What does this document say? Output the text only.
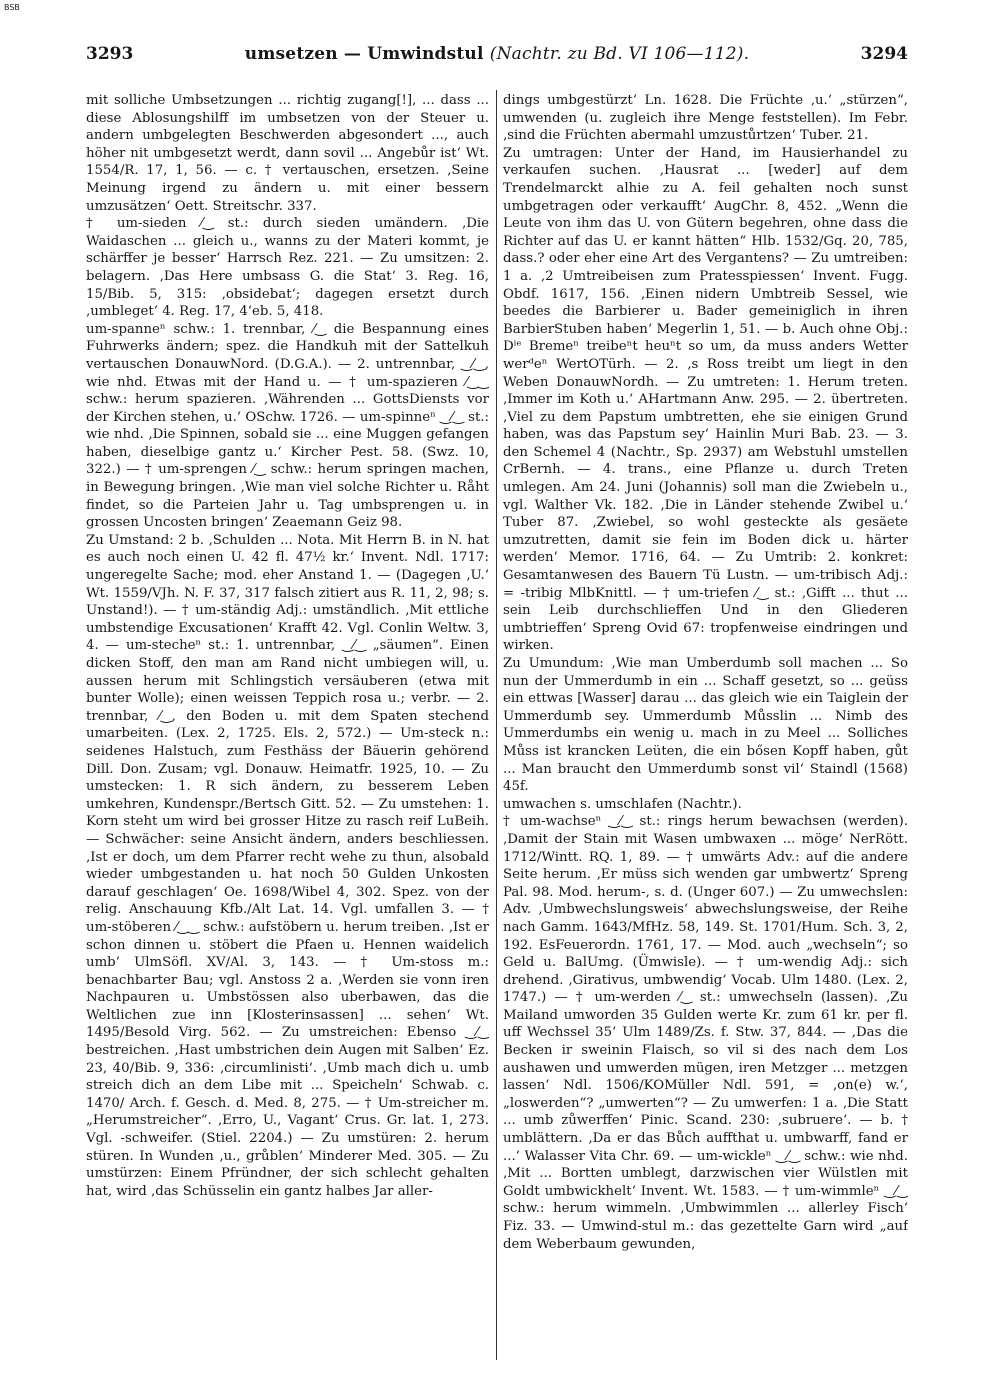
BSB
3293	umsetzen — Umwindstul (Nachtr. zu Bd. VI 106—112).	3294

mit solliche Umbsetzungen ... richtig zugang[!], ... dass ... diese Ablosungshilff im umbsetzen von der Steuer u. andern umbgelegten Beschwerden abgesondert ..., auch höher nit umbgesetzt werdt, dann sovil ... Angebůr ist‘ Wt. 1554/R. 17, 1, 56. — c. † vertauschen, ersetzen. ‚Seine Meinung irgend zu ändern u. mit einer bessern umzusätzen‘ Oett. Streitschr. 337.

† um-sieden ⁄‿ st.: durch sieden umändern. ‚Die Waidaschen ... gleich u., wanns zu der Materi kommt, je schärffer je besser‘ Harrsch Rez. 221. — Zu umsitzen: 2. belagern. ‚Das Here umbsass G. die Stat‘ 3. Reg. 16, 15/Bib. 5, 315: ‚obsidebat‘; dagegen ersetzt durch ‚umbleget‘ 4. Reg. 17, 4‘eb. 5, 418.

um-spanneⁿ schw.: 1. trennbar, ⁄‿ die Bespannung eines Fuhrwerks ändern; spez. die Handkuh mit der Sattelkuh vertauschen DonauwNord. (D.G.A.). — 2. untrennbar, ‿⁄‿, wie nhd. Etwas mit der Hand u. — † um-spazieren ⁄‿‿ schw.: herum spazieren. ‚Währenden ... GottsDiensts vor der Kirchen stehen, u.‘ OSchw. 1726. — um-spinneⁿ ‿⁄‿ st.: wie nhd. ‚Die Spinnen, sobald sie ... eine Muggen gefangen haben, dieselbige gantz u.‘ Kircher Pest. 58. (Swz. 10, 322.) — † um-sprengen ⁄‿ schw.: herum springen machen, in Bewegung bringen. ‚Wie man viel solche Richter u. Råht findet, so die Parteien Jahr u. Tag umbsprengen u. in grossen Uncosten bringen‘ Zeaemann Geiz 98.

Zu Umstand: 2 b. ‚Schulden ... Nota. Mit Herrn B. in N. hat es auch noch einen U. 42 fl. 47½ kr.‘ Invent. Ndl. 1717: ungeregelte Sache; mod. eher Anstand 1. — (Dagegen ‚U.‘ Wt. 1559/VJh. N. F. 37, 317 falsch zitiert aus R. 11, 2, 98; s. Unstand!). — † um-ständig Adj.: umständlich. ‚Mit ettliche umbstendige Excusationen‘ Krafft 42. Vgl. Conlin Weltw. 3, 4. — um-stecheⁿ st.: 1. untrennbar, ‿⁄‿ „säumen“. Einen dicken Stoff, den man am Rand nicht umbiegen will, u. aussen herum mit Schlingstich versäuberen (etwa mit bunter Wolle); einen weissen Teppich rosa u.; verbr. — 2. trennbar, ⁄‿, den Boden u. mit dem Spaten stechend umarbeiten. (Lex. 2, 1725. Els. 2, 572.) — Um-steck n.: seidenes Halstuch, zum Festhäss der Bäuerin gehörend Dill. Don. Zusam; vgl. Donauw. Heimatfr. 1925, 10. — Zu umstecken: 1. R sich ändern, zu besserem Leben umkehren, Kundenspr./Bertsch Gitt. 52. — Zu umstehen: 1. Korn steht um wird bei grosser Hitze zu rasch reif LuBeih. — Schwächer: seine Ansicht ändern, anders beschliessen. ‚Ist er doch, um dem Pfarrer recht wehe zu thun, alsobald wieder umbgestanden u. hat noch 50 Gulden Unkosten darauf geschlagen‘ Oe. 1698/Wibel 4, 302. Spez. von der relig. Anschauung Kfb./Alt Lat. 14. Vgl. umfallen 3. — † um-stöberen ⁄‿‿ schw.: aufstöbern u. herum treiben. ‚Ist er schon dinnen u. stöbert die Pfaen u. Hennen waidelich umb‘ UlmSöfl. XV/Al. 3, 143. — † Um-stoss m.: benachbarter Bau; vgl. Anstoss 2 a. ‚Werden sie vonn iren Nachpauren u. Umbstössen also uberbawen, das die Weltlichen zue inn [Klosterinsassen] ... sehen‘ Wt. 1495/Besold Virg. 562. — Zu umstreichen: Ebenso ‿⁄‿ bestreichen. ‚Hast umbstrichen dein Augen mit Salben‘ Ez. 23, 40/Bib. 9, 336: ‚circumlinisti‘. ‚Umb mach dich u. umb streich dich an dem Libe mit ... Speicheln‘ Schwab. c. 1470/ Arch. f. Gesch. d. Med. 8, 275. — † Um-streicher m. „Herumstreicher“. ‚Erro, U., Vagant‘ Crus. Gr. lat. 1, 273. Vgl. -schweifer. (Stiel. 2204.) — Zu umstüren: 2. herum stüren. In Wunden ‚u., grůblen‘ Minderer Med. 305. — Zu umstürzen: Einem Pfründner, der sich schlecht gehalten hat, wird ‚das Schüsselin ein gantz halbes Jar aller-

dings umbgestürzt‘ Ln. 1628. Die Früchte ‚u.‘ „stürzen“, umwenden (u. zugleich ihre Menge feststellen). Im Febr. ‚sind die Früchten abermahl umzustůrtzen‘ Tuber. 21.

Zu umtragen: Unter der Hand, im Hausierhandel zu verkaufen suchen. ‚Hausrat ... [weder] auf dem Trendelmarckt alhie zu A. feil gehalten noch sunst umbgetragen oder verkaufft‘ AugChr. 8, 452. „Wenn die Leute von ihm das U. von Gütern begehren, ohne dass die Richter auf das U. er kannt hätten“ Hlb. 1532/Gq. 20, 785, dass.? oder eher eine Art des Vergantens? — Zu umtreiben: 1 a. ‚2 Umtreibeisen zum Pratesspiessen‘ Invent. Fugg. Obdf. 1617, 156. ‚Einen nidern Umbtreib Sessel, wie beedes die Barbierer u. Bader gemeiniglich in ihren BarbierStuben haben‘ Megerlin 1, 51. — b. Auch ohne Obj.: Dⁱᵉ Bremeⁿ treibeⁿt heuⁿt so um, da muss anders Wetter werᵈeⁿ WertOTürh. — 2. ‚s Ross treibt um liegt in den Weben DonauwNordh. — Zu umtreten: 1. Herum treten. ‚Immer im Koth u.‘ AHartmann Anw. 295. — 2. übertreten. ‚Viel zu dem Papstum umbtretten, ehe sie einigen Grund haben, was das Papstum sey‘ Hainlin Muri Bab. 23. — 3. den Schemel 4 (Nachtr., Sp. 2937) am Webstuhl umstellen CrBernh. — 4. trans., eine Pflanze u. durch Treten umlegen. Am 24. Juni (Johannis) soll man die Zwiebeln u., vgl. Walther Vk. 182. ‚Die in Länder stehende Zwibel u.‘ Tuber 87. ‚Zwiebel, so wohl gesteckte als gesäete umzutretten, damit sie fein im Boden dick u. härter werden‘ Memor. 1716, 64. — Zu Umtrib: 2. konkret: Gesamtanwesen des Bauern Tü Lustn. — um-tribisch Adj.: = -tribig MlbKnittl. — † um-triefen ⁄‿ st.: ‚Gifft ... thut ... sein Leib durchschlieffen Und in den Gliederen umbtrieffen‘ Spreng Ovid 67: tropfenweise eindringen und wirken.

Zu Umundum: ‚Wie man Umberdumb soll machen ... So nun der Ummerdumb in ein ... Schaff gesetzt, so ... geüss ein ettwas [Wasser] darau ... das gleich wie ein Taiglein der Ummerdumb sey. Ummerdumb Můsslin ... Nimb des Ummerdumbs ein wenig u. mach in zu Meel ... Solliches Můss ist krancken Leüten, die ein bősen Kopff haben, gůt ... Man braucht den Ummerdumb sonst vil‘ Staindl (1568) 45f.

umwachen s. umschlafen (Nachtr.).

† um-wachseⁿ ‿⁄‿ st.: rings herum bewachsen (werden). ‚Damit der Stain mit Wasen umbwaxen ... möge‘ NerRött. 1712/Wintt. RQ. 1, 89. — † umwärts Adv.: auf die andere Seite herum. ‚Er müss sich wenden gar umbwertz‘ Spreng Pal. 98. Mod. herum-, s. d. (Unger 607.) — Zu umwechslen: Adv. ‚Umbwechslungsweis‘ abwechslungsweise, der Reihe nach Gamm. 1643/MfHz. 58, 149. St. 1701/Hum. Sch. 3, 2, 192. EsFeuerordn. 1761, 17. — Mod. auch „wechseln“; so Geld u. BalUmg. (Ümwisle). — † um-wendig Adj.: sich drehend. ‚Girativus, umbwendig‘ Vocab. Ulm 1480. (Lex. 2, 1747.) — † um-werden ⁄‿ st.: umwechseln (lassen). ‚Zu Mailand umworden 35 Gulden werte Kr. zum 61 kr. per fl. uff Wechssel 35‘ Ulm 1489/Zs. f. Stw. 37, 844. — ‚Das die Becken ir sweinin Flaisch, so vil si des nach dem Los aushawen und umwerden mügen, iren Metzger ... metzgen lassen‘ Ndl. 1506/KOMüller Ndl. 591, = ‚on(e) w.‘, „loswerden“? „umwerten“? — Zu umwerfen: 1 a. ‚Die Statt ... umb zůwerffen‘ Pinic. Scand. 230: ‚subruere‘. — b. † umblättern. ‚Da er das Bůch auffthat u. umbwarff, fand er ...‘ Walasser Vita Chr. 69. — um-wickleⁿ ‿⁄‿ schw.: wie nhd. ‚Mit ... Bortten umblegt, darzwischen vier Wülstlen mit Goldt umbwickhelt‘ Invent. Wt. 1583. — † um-wimmleⁿ ‿⁄‿ schw.: herum wimmeln. ‚Umbwimmlen ... allerley Fisch‘ Fiz. 33. — Umwind-stul m.: das gezettelte Garn wird „auf dem Weberbaum gewunden,
